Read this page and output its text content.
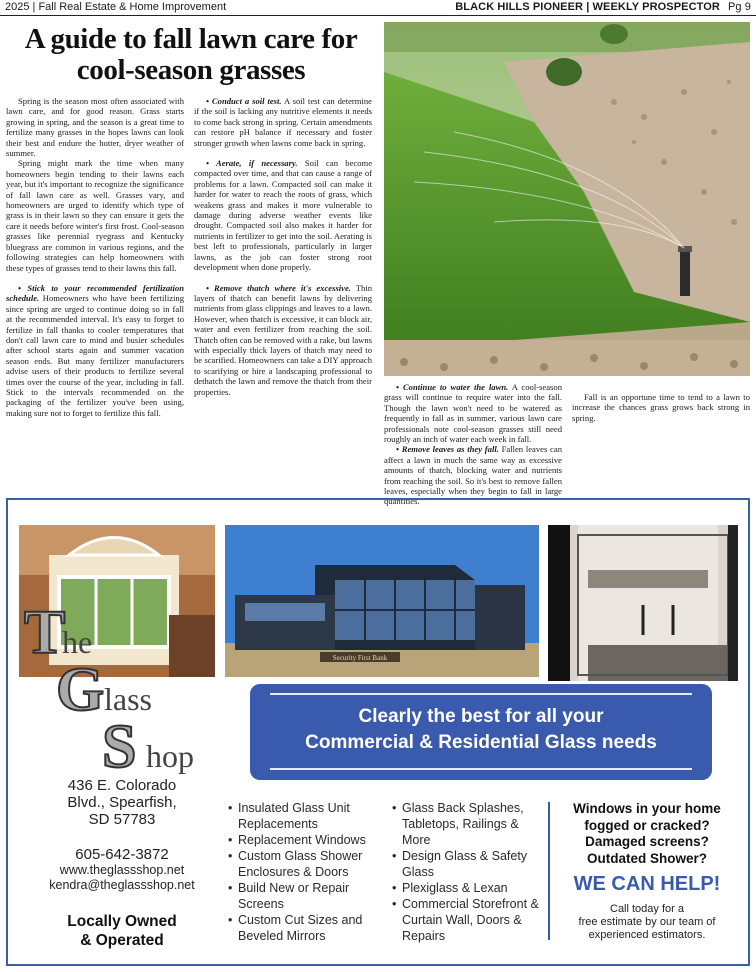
2025 | Fall Real Estate & Home Improvement	BLACK HILLS PIONEER | WEEKLY PROSPECTOR Pg 9
A guide to fall lawn care for
cool-season grasses

Spring is the season most often associated with lawn care, and for good reason. Grass starts growing in spring, and the season is a great time to fertilize many grasses in the hopes lawns can look their best and endure the hotter, dryer weather of summer.

Spring might mark the time when many homeowners begin tending to their lawns each year, but it's important to recognize the significance of fall lawn care as well. Grasses vary, and homeowners are urged to identify which type of grass is in their lawn so they can ensure it gets the care it needs before winter's first frost. Cool-season grasses like perennial ryegrass and Kentucky bluegrass are common in various regions, and the following strategies can help homeowners with these types of grasses tend to their lawns this fall.

• Stick to your recommended fertilization schedule. Homeowners who have been fertilizing since spring are urged to continue doing so in fall at the recommended interval. It's easy to forget to fertilize in fall thanks to cooler temperatures that don't call lawn care to mind and busier schedules after school starts again and summer vacation season ends. But many fertilizer manufacturers advise users of their products to fertilize several times over the course of the year, including in fall. Stick to the intervals recommended on the packaging of the fertilizer you've been using, making sure not to forget to fertilize this fall.

• Conduct a soil test. A soil test can determine if the soil is lacking any nutritive elements it needs to come back strong in spring. Certain amendments can restore pH balance if necessary and foster stronger growth when lawns come back in spring.

• Aerate, if necessary. Soil can become compacted over time, and that can cause a range of problems for a lawn. Compacted soil can make it harder for water to reach the roots of grass, which weakens grass and makes it more vulnerable to damage during adverse weather events like drought. Compacted soil also makes it harder for nutrients in fertilizer to get into the soil. Aerating is best left to professionals, particularly in larger lawns, as the job can foster strong root development when done properly.

• Remove thatch where it's excessive. Thin layers of thatch can benefit lawns by delivering nutrients from glass clippings and leaves to a lawn. However, when thatch is excessive, it can block air, water and even fertilizer from reaching the soil. Thatch often can be removed with a rake, but lawns with especially thick layers of thatch may need to be scarified. Homeowners can take a DIY approach to scarifying or hire a landscaping professional to dethatch the lawn and remove the thatch from their properties.	• Continue to water the lawn. A cool-season grass will continue to require water into the fall. Though the lawn won't need to be watered as frequently in fall as in summer, various lawn care professionals note cool-season grasses still need roughly an inch of water each week in fall.

• Remove leaves as they fall. Fallen leaves can affect a lawn in much the same way as excessive amounts of thatch, blocking water and nutrients from reaching the soil. So it's best to remove fallen leaves, especially when they begin to fall in large quantities.

Fall is an opportune time to tend to a lawn to increase the chances grass grows back strong in spring.

Security First Bank
T
he
G lass
S hop
Clearly the best for all your
Commercial & Residential Glass needs
436 E. Colorado
Blvd., Spearfish,
SD 57783
605-642-3872
www.theglassshop.net
kendra@theglassshop.net
Locally Owned
& Operated
• Insulated Glass Unit Replacements
• Replacement Windows
• Custom Glass Shower Enclosures & Doors
• Build New or Repair Screens
• Custom Cut Sizes and Beveled Mirrors
• Glass Back Splashes, Tabletops, Railings & More
• Design Glass & Safety Glass
• Plexiglass & Lexan
• Commercial Storefront & Curtain Wall, Doors & Repairs
Windows in your home
fogged or cracked?
Damaged screens?
Outdated Shower?
WE CAN HELP!
Call today for a
free estimate by our team of
experienced estimators.
